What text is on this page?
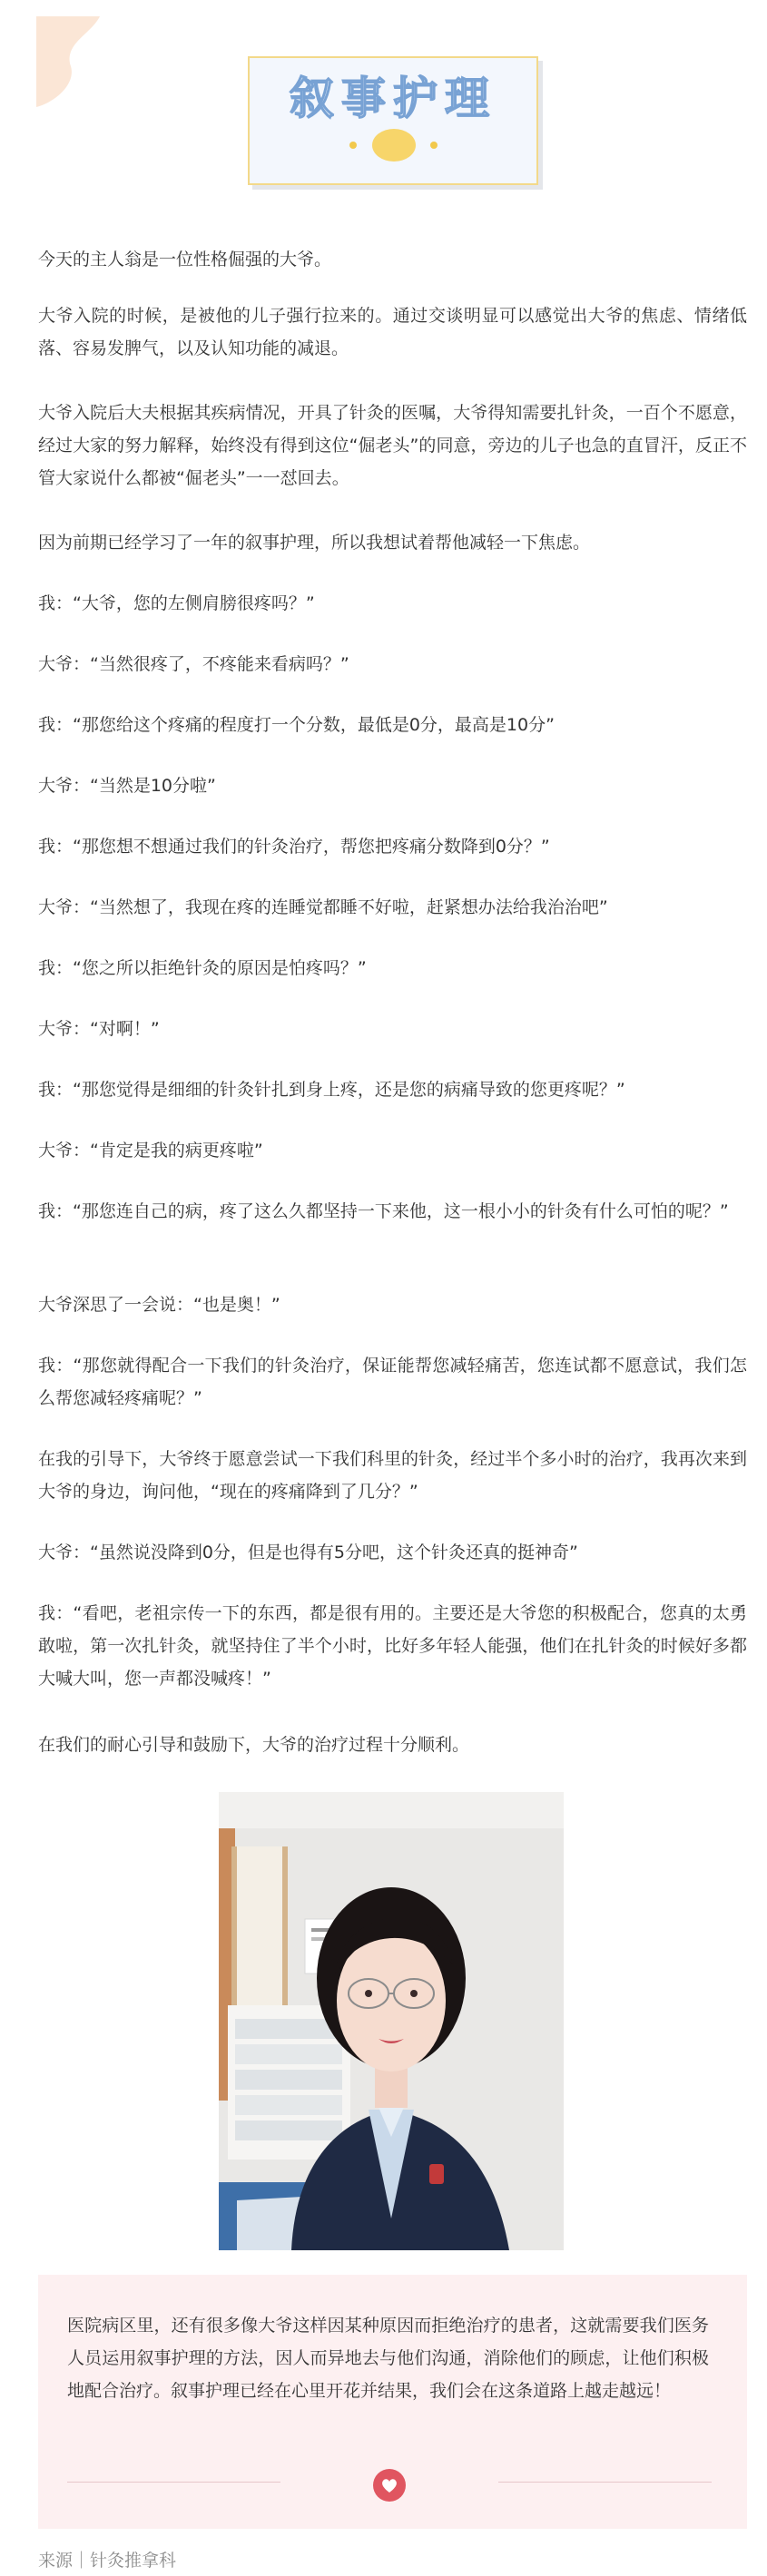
叙事护理

今天的主人翁是一位性格倔强的大爷。

大爷入院的时候，是被他的儿子强行拉来的。通过交谈明显可以感觉出大爷的焦虑、情绪低落、容易发脾气，以及认知功能的减退。

大爷入院后大夫根据其疾病情况，开具了针灸的医嘱，大爷得知需要扎针灸，一百个不愿意，经过大家的努力解释，始终没有得到这位“倔老头”的同意，旁边的儿子也急的直冒汗，反正不管大家说什么都被“倔老头”一一怼回去。

因为前期已经学习了一年的叙事护理，所以我想试着帮他减轻一下焦虑。

我：“大爷，您的左侧肩膀很疼吗？”

大爷：“当然很疼了，不疼能来看病吗？”

我：“那您给这个疼痛的程度打一个分数，最低是0分，最高是10分”

大爷：“当然是10分啦”

我：“那您想不想通过我们的针灸治疗，帮您把疼痛分数降到0分？”

大爷：“当然想了，我现在疼的连睡觉都睡不好啦，赶紧想办法给我治治吧”

我：“您之所以拒绝针灸的原因是怕疼吗？”

大爷：“对啊！”

我：“那您觉得是细细的针灸针扎到身上疼，还是您的病痛导致的您更疼呢？”

大爷：“肯定是我的病更疼啦”

我：“那您连自己的病，疼了这么久都坚持一下来他，这一根小小的针灸有什么可怕的呢？”

大爷深思了一会说：“也是奥！”

我：“那您就得配合一下我们的针灸治疗，保证能帮您减轻痛苦，您连试都不愿意试，我们怎么帮您减轻疼痛呢？”

在我的引导下，大爷终于愿意尝试一下我们科里的针灸，经过半个多小时的治疗，我再次来到大爷的身边，询问他，“现在的疼痛降到了几分？”

大爷：“虽然说没降到0分，但是也得有5分吧，这个针灸还真的挺神奇”

我：“看吧，老祖宗传一下的东西，都是很有用的。主要还是大爷您的积极配合，您真的太勇敢啦，第一次扎针灸，就坚持住了半个小时，比好多年轻人能强，他们在扎针灸的时候好多都大喊大叫，您一声都没喊疼！”

在我们的耐心引导和鼓励下，大爷的治疗过程十分顺利。

医院病区里，还有很多像大爷这样因某种原因而拒绝治疗的患者，这就需要我们医务人员运用叙事护理的方法，因人而异地去与他们沟通，消除他们的顾虑，让他们积极地配合治疗。叙事护理已经在心里开花并结果，我们会在这条道路上越走越远！

来源｜针灸推拿科
